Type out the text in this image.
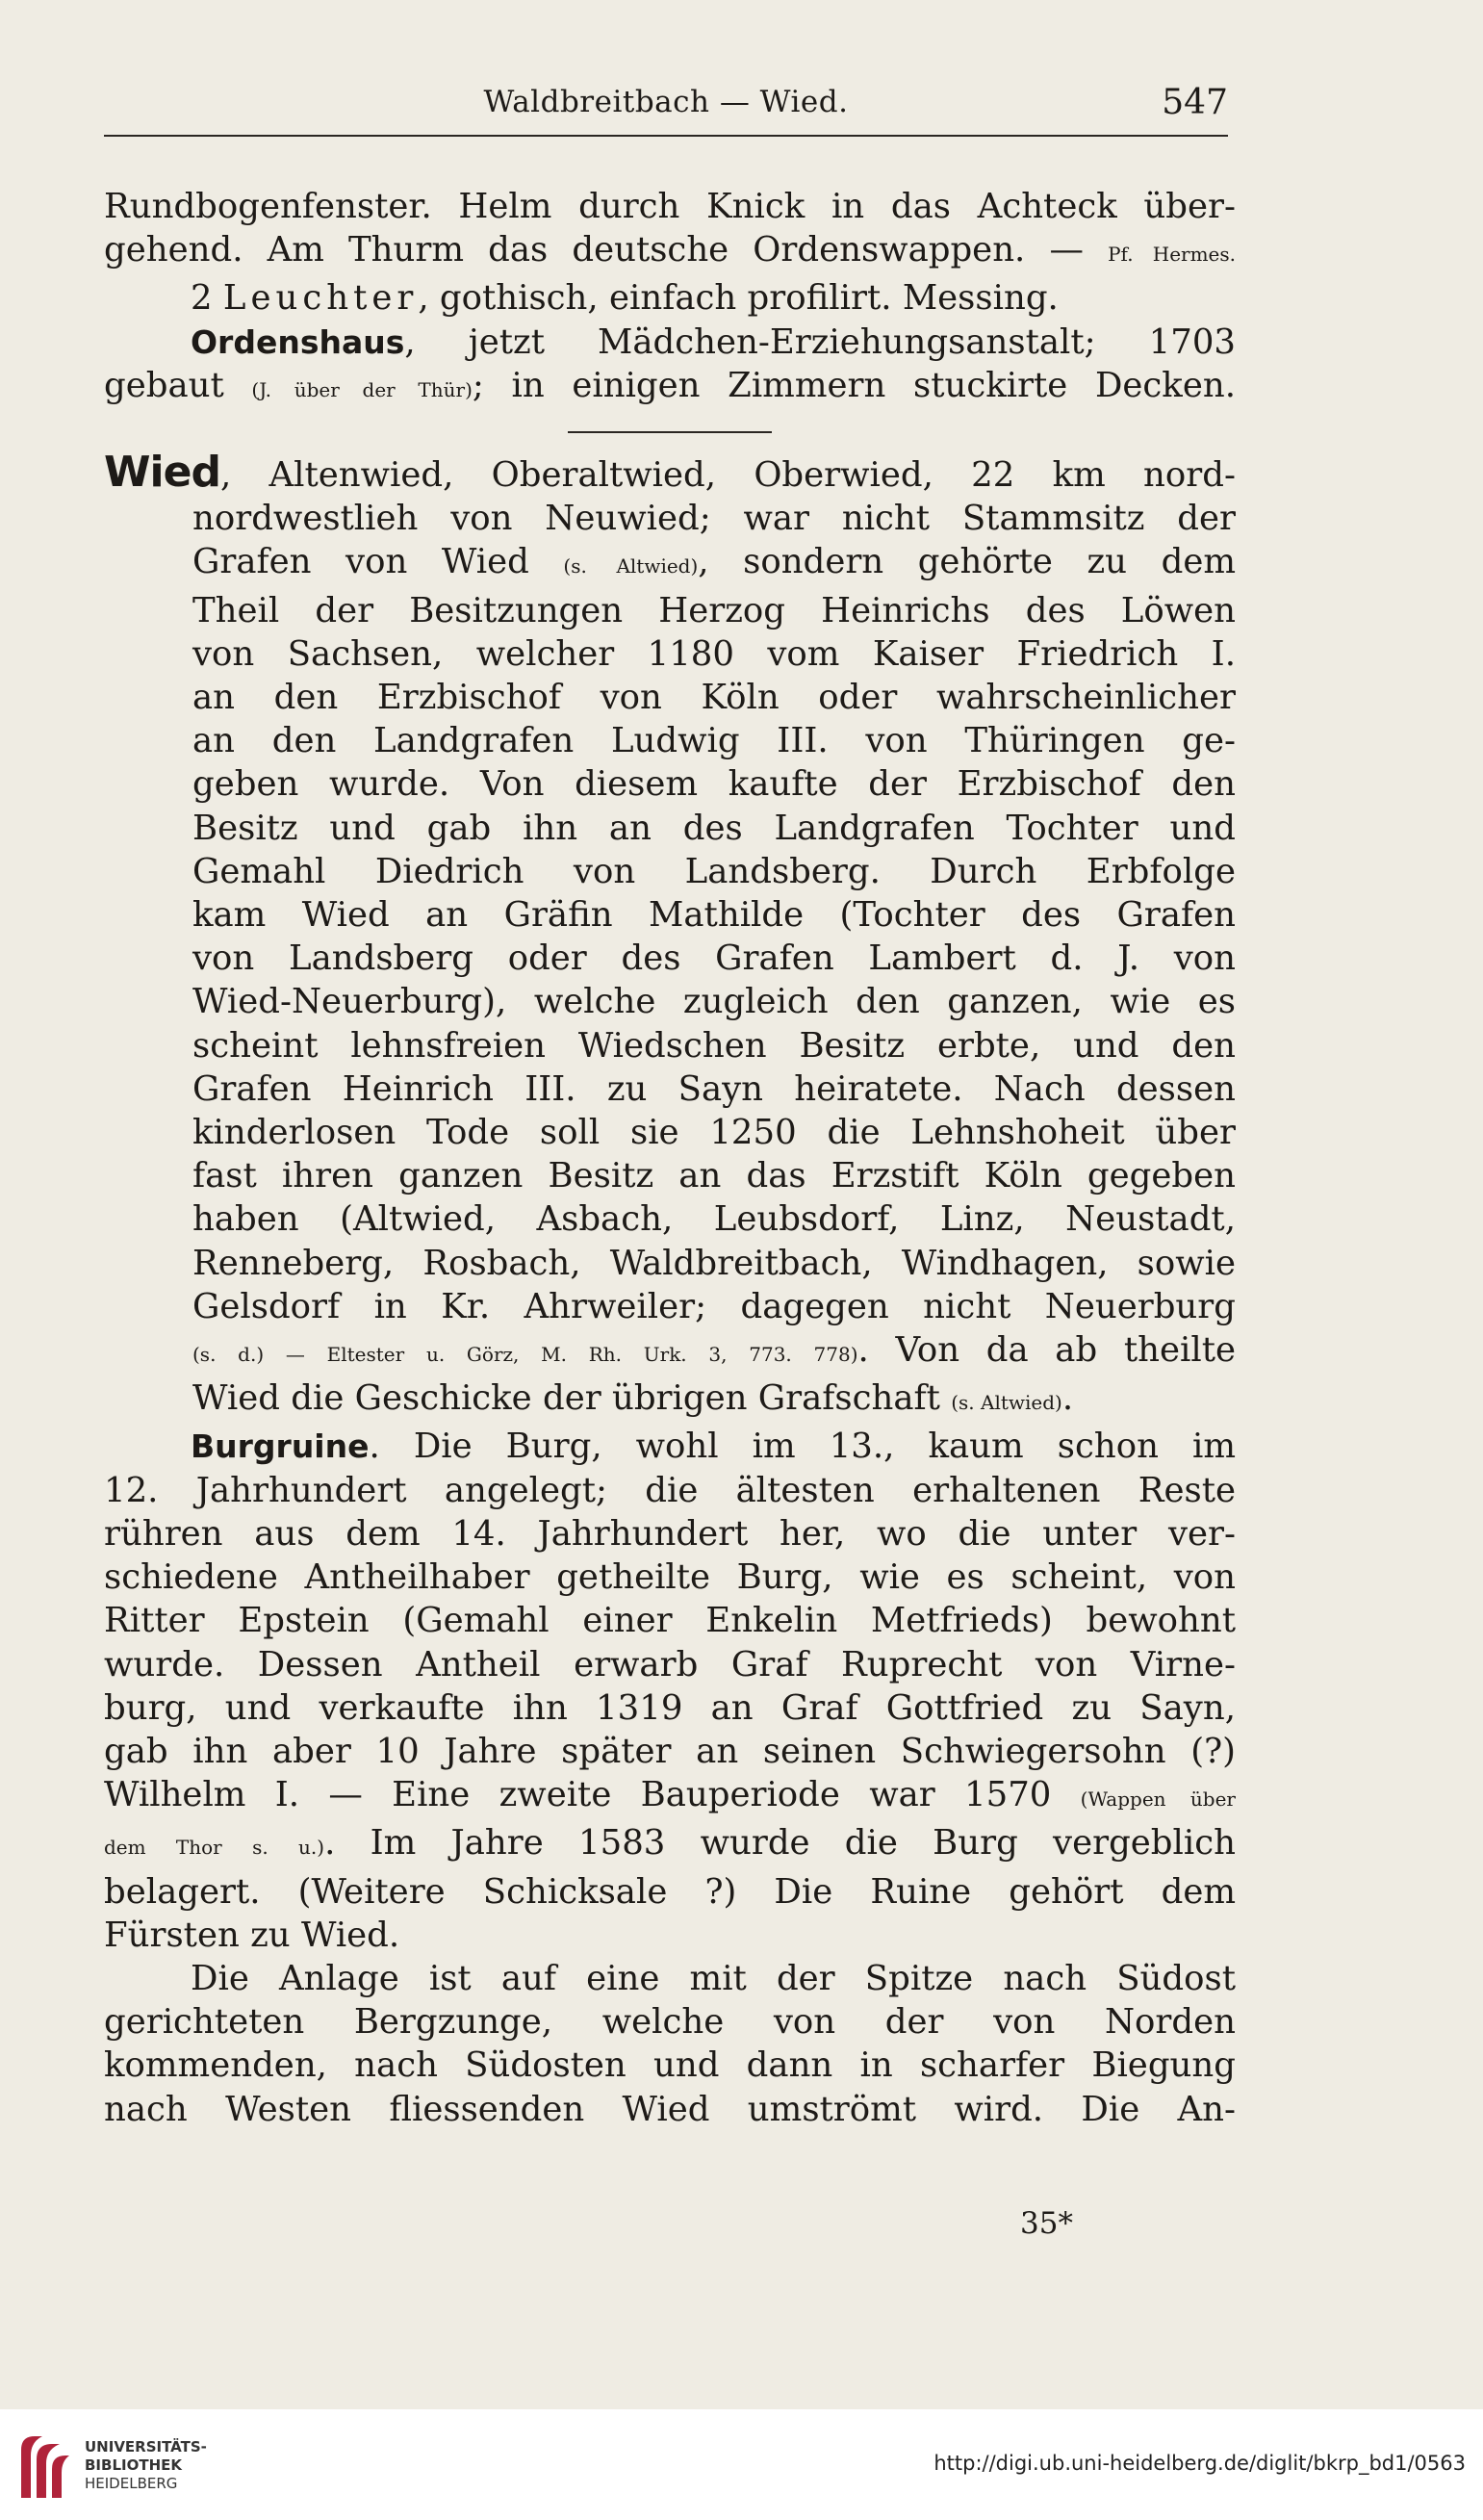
Waldbreitbach — Wied.	547
Rundbogenfenster. Helm durch Knick in das Achteck über-
gehend. Am Thurm das deutsche Ordenswappen. — Pf. Hermes.
2 Leuchter, gothisch, einfach profilirt. Messing.
Ordenshaus, jetzt Mädchen-Erziehungsanstalt; 1703
gebaut (J. über der Thür); in einigen Zimmern stuckirte Decken.
Wied, Altenwied, Oberaltwied, Oberwied, 22 km nord-
nordwestlieh von Neuwied; war nicht Stammsitz der
Grafen von Wied (s. Altwied), sondern gehörte zu dem
Theil der Besitzungen Herzog Heinrichs des Löwen
von Sachsen, welcher 1180 vom Kaiser Friedrich I.
an den Erzbischof von Köln oder wahrscheinlicher
an den Landgrafen Ludwig III. von Thüringen ge-
geben wurde. Von diesem kaufte der Erzbischof den
Besitz und gab ihn an des Landgrafen Tochter und
Gemahl Diedrich von Landsberg. Durch Erbfolge
kam Wied an Gräfin Mathilde (Tochter des Grafen
von Landsberg oder des Grafen Lambert d. J. von
Wied-Neuerburg), welche zugleich den ganzen, wie es
scheint lehnsfreien Wiedschen Besitz erbte, und den
Grafen Heinrich III. zu Sayn heiratete. Nach dessen
kinderlosen Tode soll sie 1250 die Lehnshoheit über
fast ihren ganzen Besitz an das Erzstift Köln gegeben
haben (Altwied, Asbach, Leubsdorf, Linz, Neustadt,
Renneberg, Rosbach, Waldbreitbach, Windhagen, sowie
Gelsdorf in Kr. Ahrweiler; dagegen nicht Neuerburg
(s. d.) — Eltester u. Görz, M. Rh. Urk. 3, 773. 778). Von da ab theilte
Wied die Geschicke der übrigen Grafschaft (s. Altwied).
Burgruine. Die Burg, wohl im 13., kaum schon im
12. Jahrhundert angelegt; die ältesten erhaltenen Reste
rühren aus dem 14. Jahrhundert her, wo die unter ver-
schiedene Antheilhaber getheilte Burg, wie es scheint, von
Ritter Epstein (Gemahl einer Enkelin Metfrieds) bewohnt
wurde. Dessen Antheil erwarb Graf Ruprecht von Virne-
burg, und verkaufte ihn 1319 an Graf Gottfried zu Sayn,
gab ihn aber 10 Jahre später an seinen Schwiegersohn (?)
Wilhelm I. — Eine zweite Bauperiode war 1570 (Wappen über
dem Thor s. u.). Im Jahre 1583 wurde die Burg vergeblich
belagert. (Weitere Schicksale ?) Die Ruine gehört dem
Fürsten zu Wied.
Die Anlage ist auf eine mit der Spitze nach Südost
gerichteten Bergzunge, welche von der von Norden
kommenden, nach Südosten und dann in scharfer Biegung
nach Westen fliessenden Wied umströmt wird. Die An-
35*
UNIVERSITÄTS-
BIBLIOTHEK
HEIDELBERG
http://digi.ub.uni-heidelberg.de/diglit/bkrp_bd1/0563
